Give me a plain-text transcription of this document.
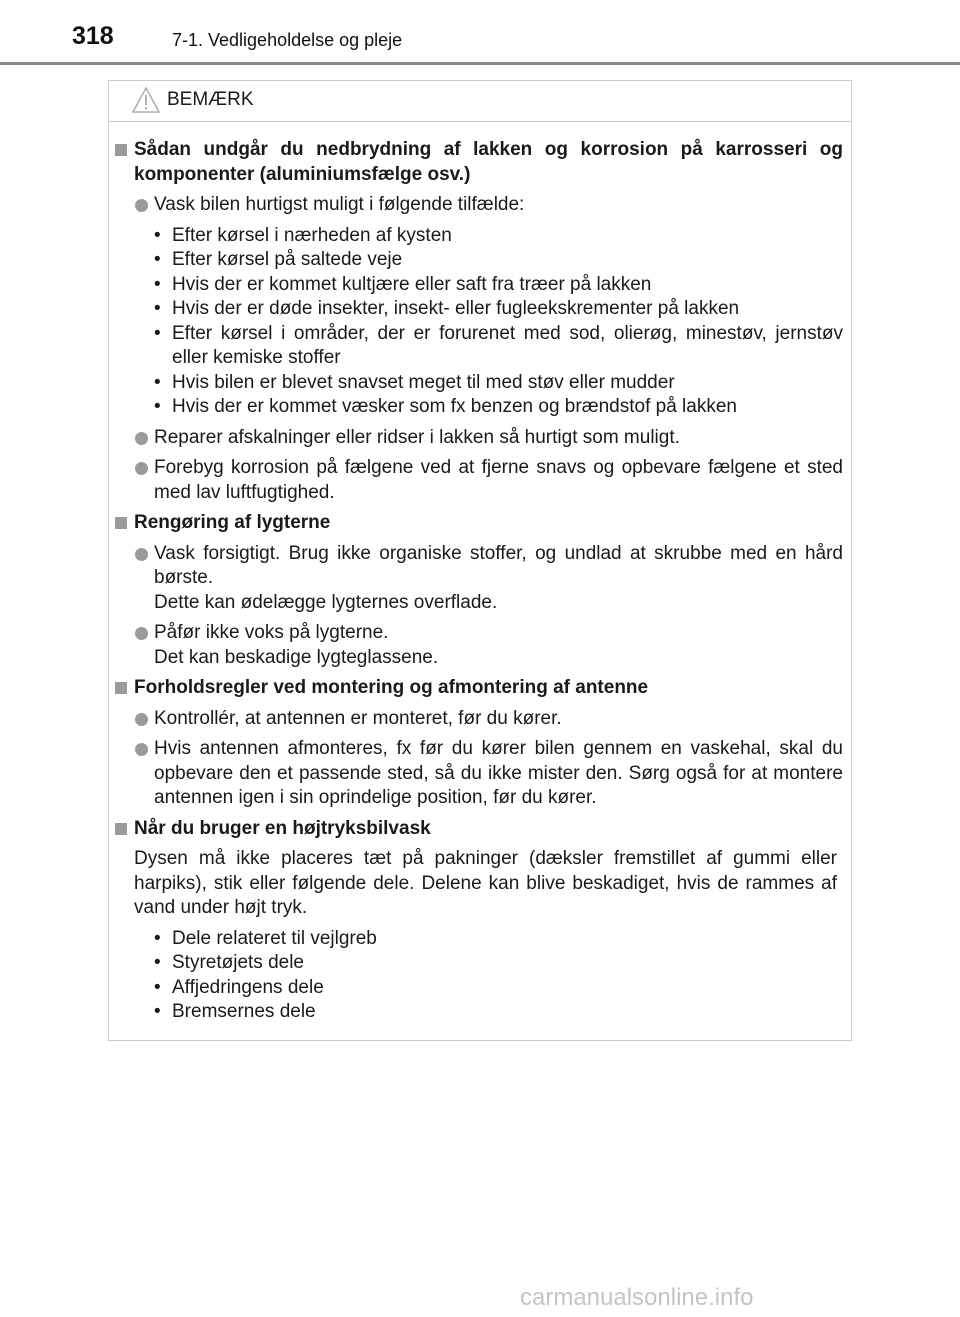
318	7-1. Vedligeholdelse og pleje
BEMÆRK
Sådan undgår du nedbrydning af lakken og korrosion på karrosseri og komponenter (aluminiumsfælge osv.)
Vask bilen hurtigst muligt i følgende tilfælde:
• Efter kørsel i nærheden af kysten
• Efter kørsel på saltede veje
• Hvis der er kommet kultjære eller saft fra træer på lakken
• Hvis der er døde insekter, insekt- eller fugleekskrementer på lakken
• Efter kørsel i områder, der er forurenet med sod, olierøg, minestøv, jernstøv eller kemiske stoffer
• Hvis bilen er blevet snavset meget til med støv eller mudder
• Hvis der er kommet væsker som fx benzen og brændstof på lakken
Reparer afskalninger eller ridser i lakken så hurtigt som muligt.
Forebyg korrosion på fælgene ved at fjerne snavs og opbevare fælgene et sted med lav luftfugtighed.
Rengøring af lygterne
Vask forsigtigt. Brug ikke organiske stoffer, og undlad at skrubbe med en hård børste.
Dette kan ødelægge lygternes overflade.
Påfør ikke voks på lygterne.
Det kan beskadige lygteglassene.
Forholdsregler ved montering og afmontering af antenne
Kontrollér, at antennen er monteret, før du kører.
Hvis antennen afmonteres, fx før du kører bilen gennem en vaskehal, skal du opbevare den et passende sted, så du ikke mister den. Sørg også for at montere antennen igen i sin oprindelige position, før du kører.
Når du bruger en højtryksbilvask
Dysen må ikke placeres tæt på pakninger (dæksler fremstillet af gummi eller harpiks), stik eller følgende dele. Delene kan blive beskadiget, hvis de rammes af vand under højt tryk.
• Dele relateret til vejlgreb
• Styretøjets dele
• Affjedringens dele
• Bremsernes dele
carmanualsonline.info
